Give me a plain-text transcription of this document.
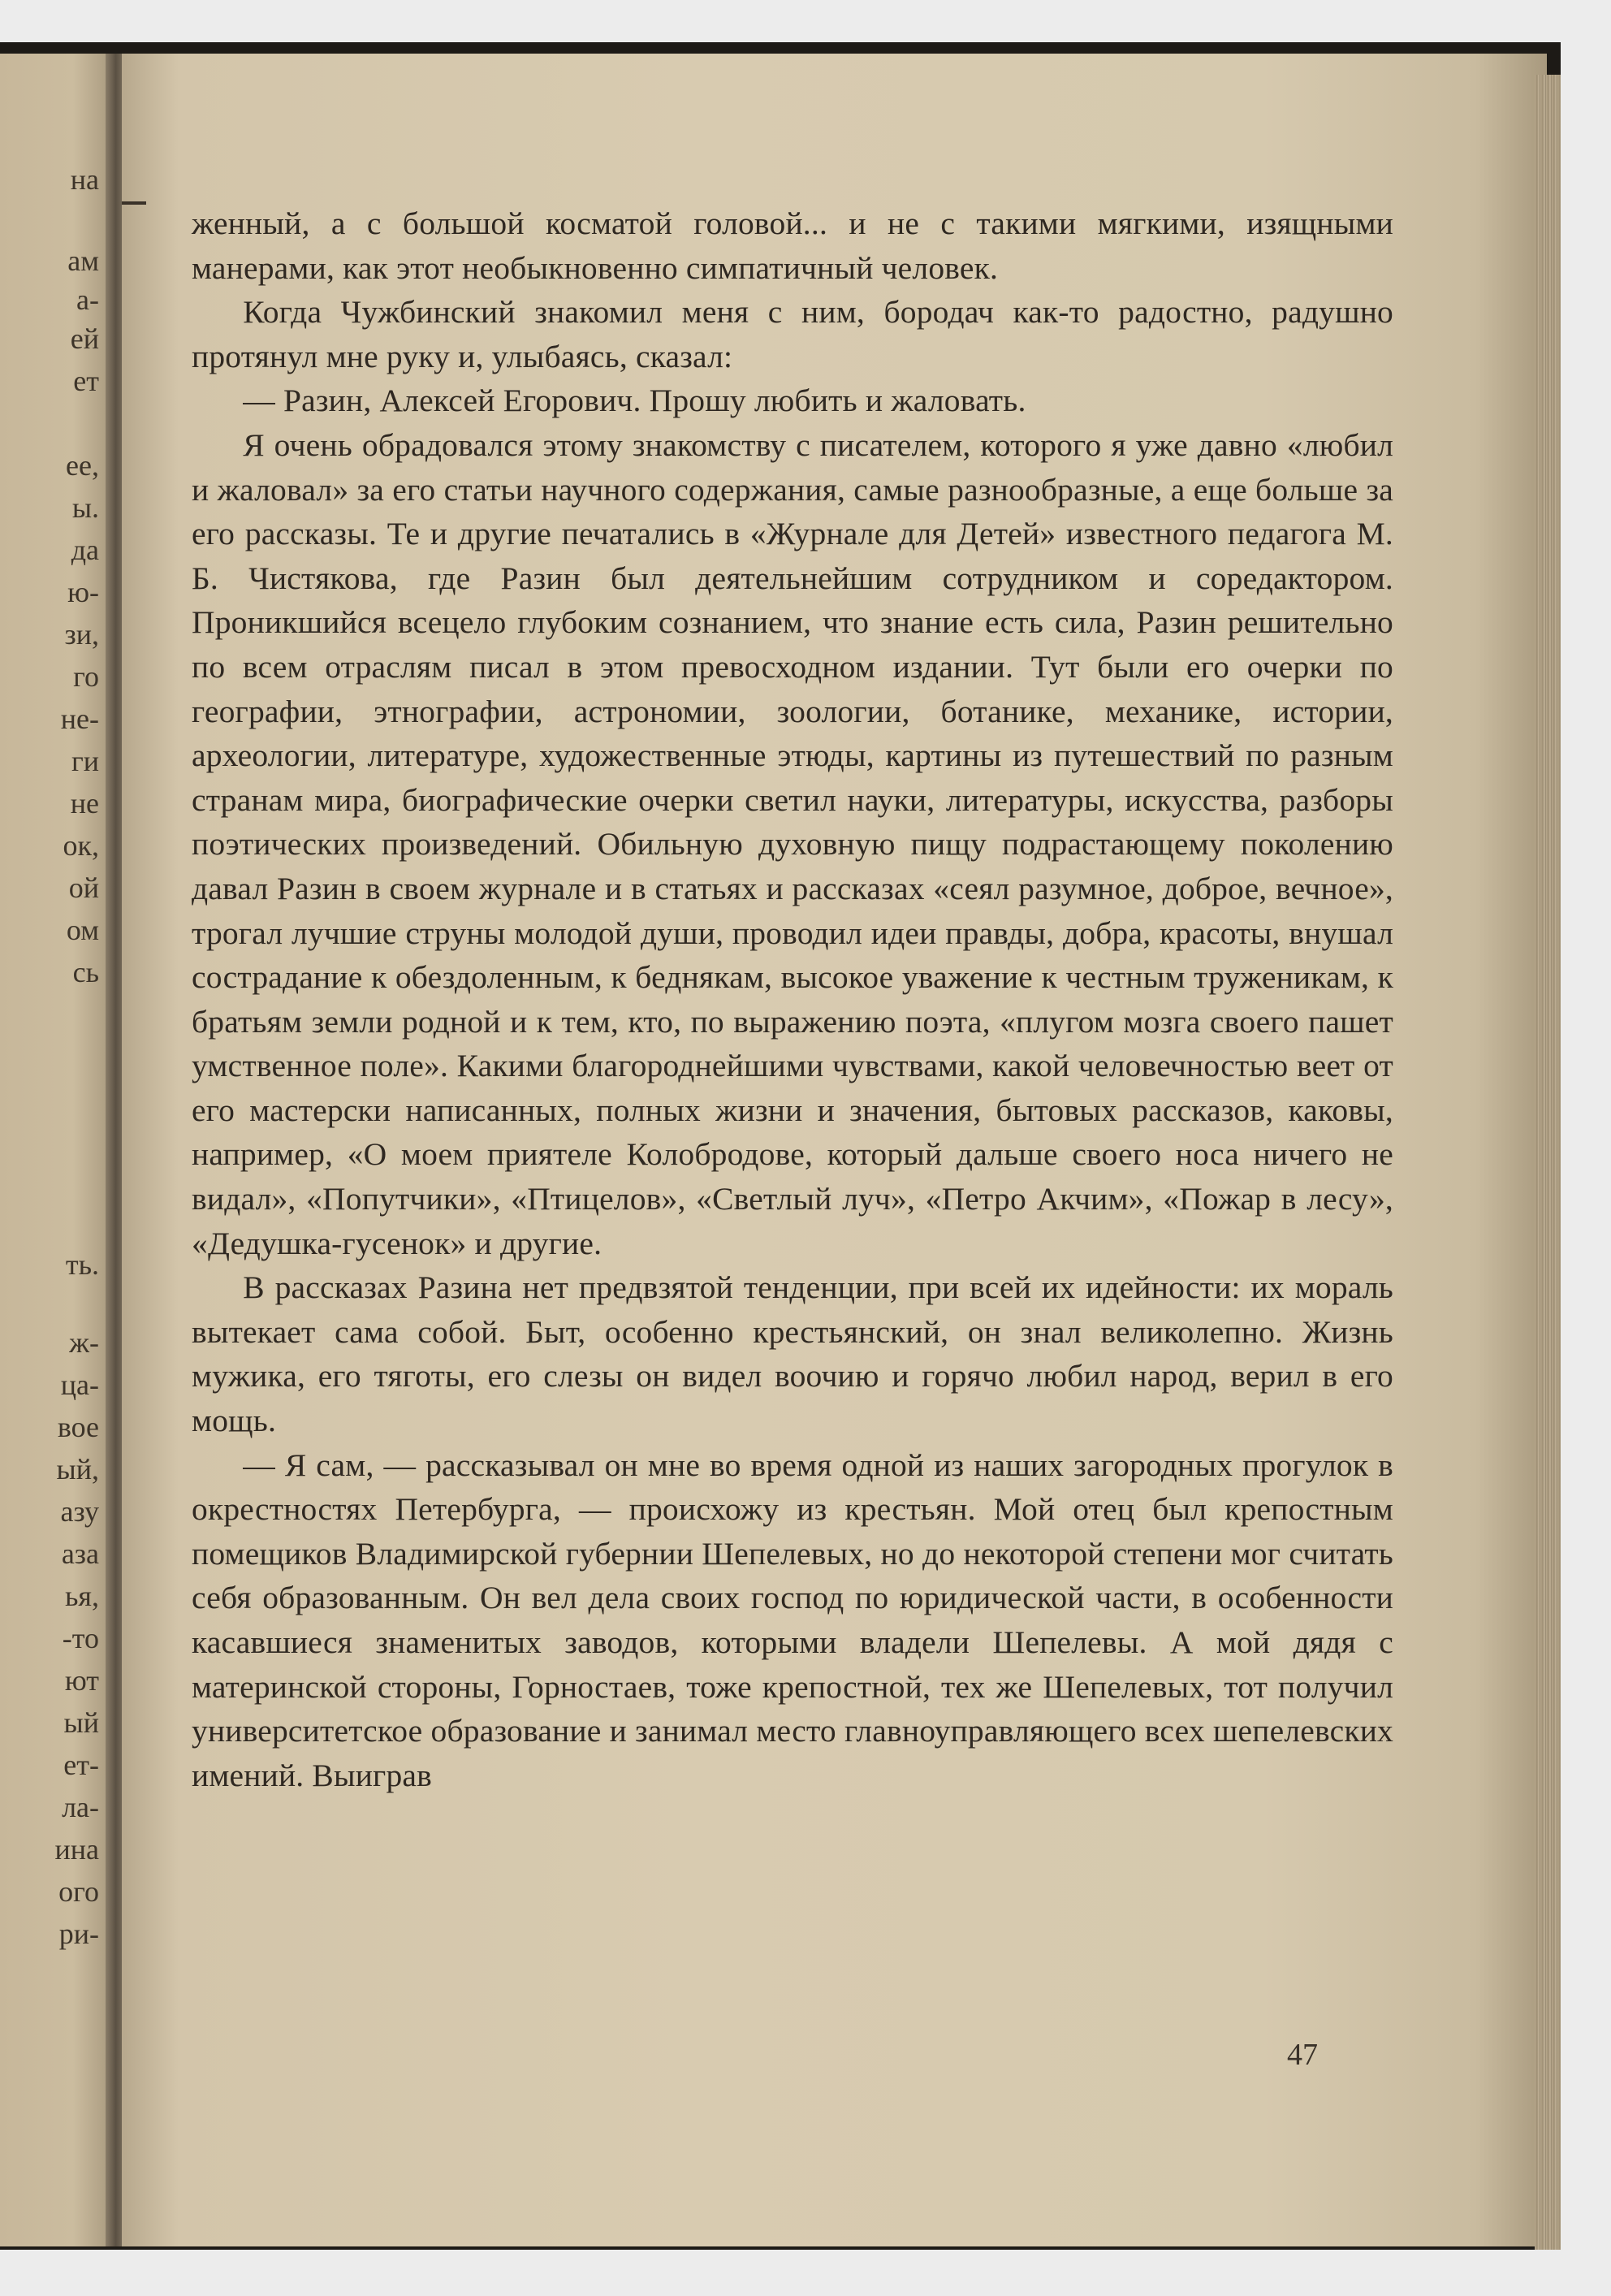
на
ам
а-
ей
ет
ее,
ы.
да
ю-
зи,
го
не-
ги
не
ок,
ой
ом
сь
ть.
ж-
ца-
вое
ый,
азу
аза
ья,
-то
ют
ый
ет-
ла-
ина
ого
ри-

женный, а с большой косматой головой... и не с такими мягкими, изящными манерами, как этот необыкновенно симпатичный человек.

Когда Чужбинский знакомил меня с ним, бородач как-то радостно, радушно протянул мне руку и, улыбаясь, сказал:

— Разин, Алексей Егорович. Прошу любить и жаловать.

Я очень обрадовался этому знакомству с писателем, которого я уже давно «любил и жаловал» за его статьи научного содержания, самые разнообразные, а еще больше за его рассказы. Те и другие печатались в «Журнале для Детей» известного педагога М. Б. Чистякова, где Разин был деятельнейшим сотрудником и соредактором. Проникшийся всецело глубоким сознанием, что знание есть сила, Разин решительно по всем отраслям писал в этом превосходном издании. Тут были его очерки по географии, этнографии, астрономии, зоологии, ботанике, механике, истории, археологии, литературе, художественные этюды, картины из путешествий по разным странам мира, биографические очерки светил науки, литературы, искусства, разборы поэтических произведений. Обильную духовную пищу подрастающему поколению давал Разин в своем журнале и в статьях и рассказах «сеял разумное, доброе, вечное», трогал лучшие струны молодой души, проводил идеи правды, добра, красоты, внушал сострадание к обездоленным, к беднякам, высокое уважение к честным труженикам, к братьям земли родной и к тем, кто, по выражению поэта, «плугом мозга своего пашет умственное поле». Какими благороднейшими чувствами, какой человечностью веет от его мастерски написанных, полных жизни и значения, бытовых рассказов, каковы, например, «О моем приятеле Колобродове, который дальше своего носа ничего не видал», «Попутчики», «Птицелов», «Светлый луч», «Петро Акчим», «Пожар в лесу», «Дедушка-гусенок» и другие.

В рассказах Разина нет предвзятой тенденции, при всей их идейности: их мораль вытекает сама собой. Быт, особенно крестьянский, он знал великолепно. Жизнь мужика, его тяготы, его слезы он видел воочию и горячо любил народ, верил в его мощь.

— Я сам, — рассказывал он мне во время одной из наших загородных прогулок в окрестностях Петербурга, — происхожу из крестьян. Мой отец был крепостным помещиков Владимирской губернии Шепелевых, но до некоторой степени мог считать себя образованным. Он вел дела своих господ по юридической части, в особенности касавшиеся знаменитых заводов, которыми владели Шепелевы. А мой дядя с материнской стороны, Горностаев, тоже крепостной, тех же Шепелевых, тот получил университетское образование и занимал место главноуправляющего всех шепелевских имений. Выиграв

47
